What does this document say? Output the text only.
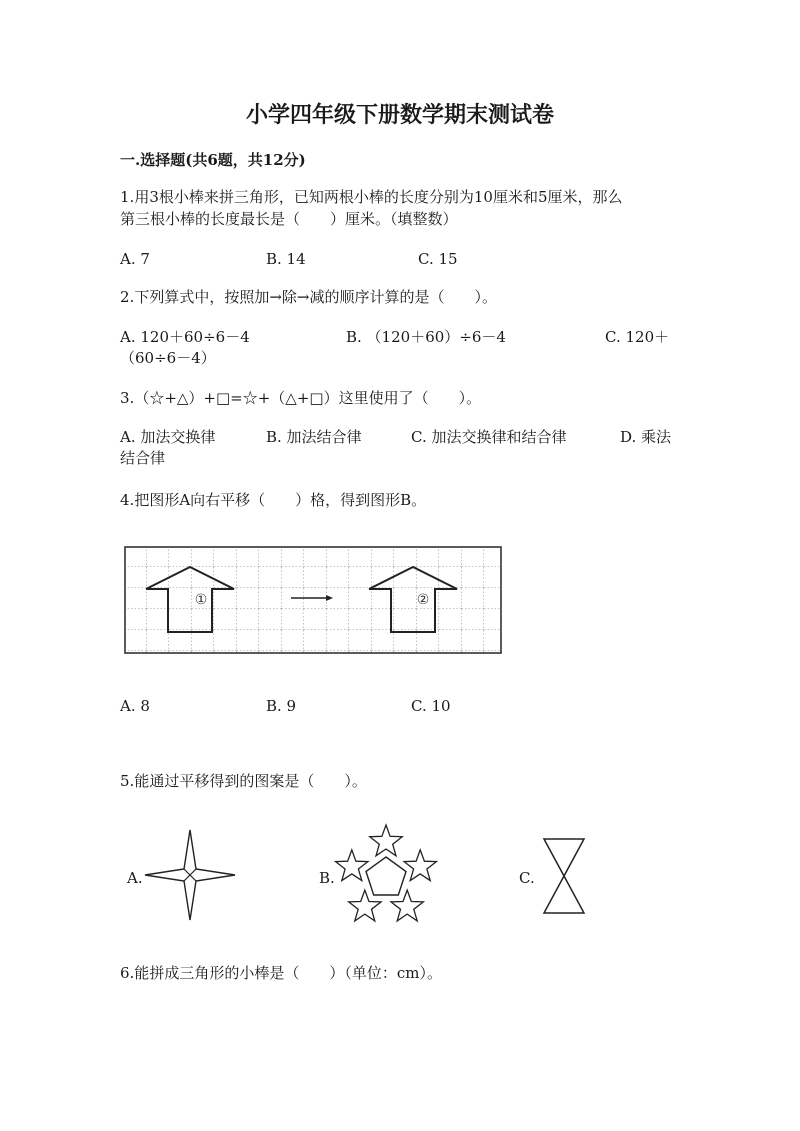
小学四年级下册数学期末测试卷
一.选择题(共6题，共12分)
1.用3根小棒来拼三角形，已知两根小棒的长度分别为10厘米和5厘米，那么
第三根小棒的长度最长是（　　）厘米。（填整数）
A. 7	B. 14	C. 15
2.下列算式中，按照加→除→减的顺序计算的是（　　）。
A. 120＋60÷6－4	B. （120＋60）÷6－4	C. 120＋
（60÷6－4）
3.（☆+△）+□=☆+（△+□）这里使用了（　　）。
A. 加法交换律	B. 加法结合律	C. 加法交换律和结合律	D. 乘法
结合律
4.把图形A向右平移（　　）格，得到图形B。
①	②
A. 8	B. 9	C. 10
5.能通过平移得到的图案是（　　）。
A.	B.	C.
6.能拼成三角形的小棒是（　　）（单位：cm）。
